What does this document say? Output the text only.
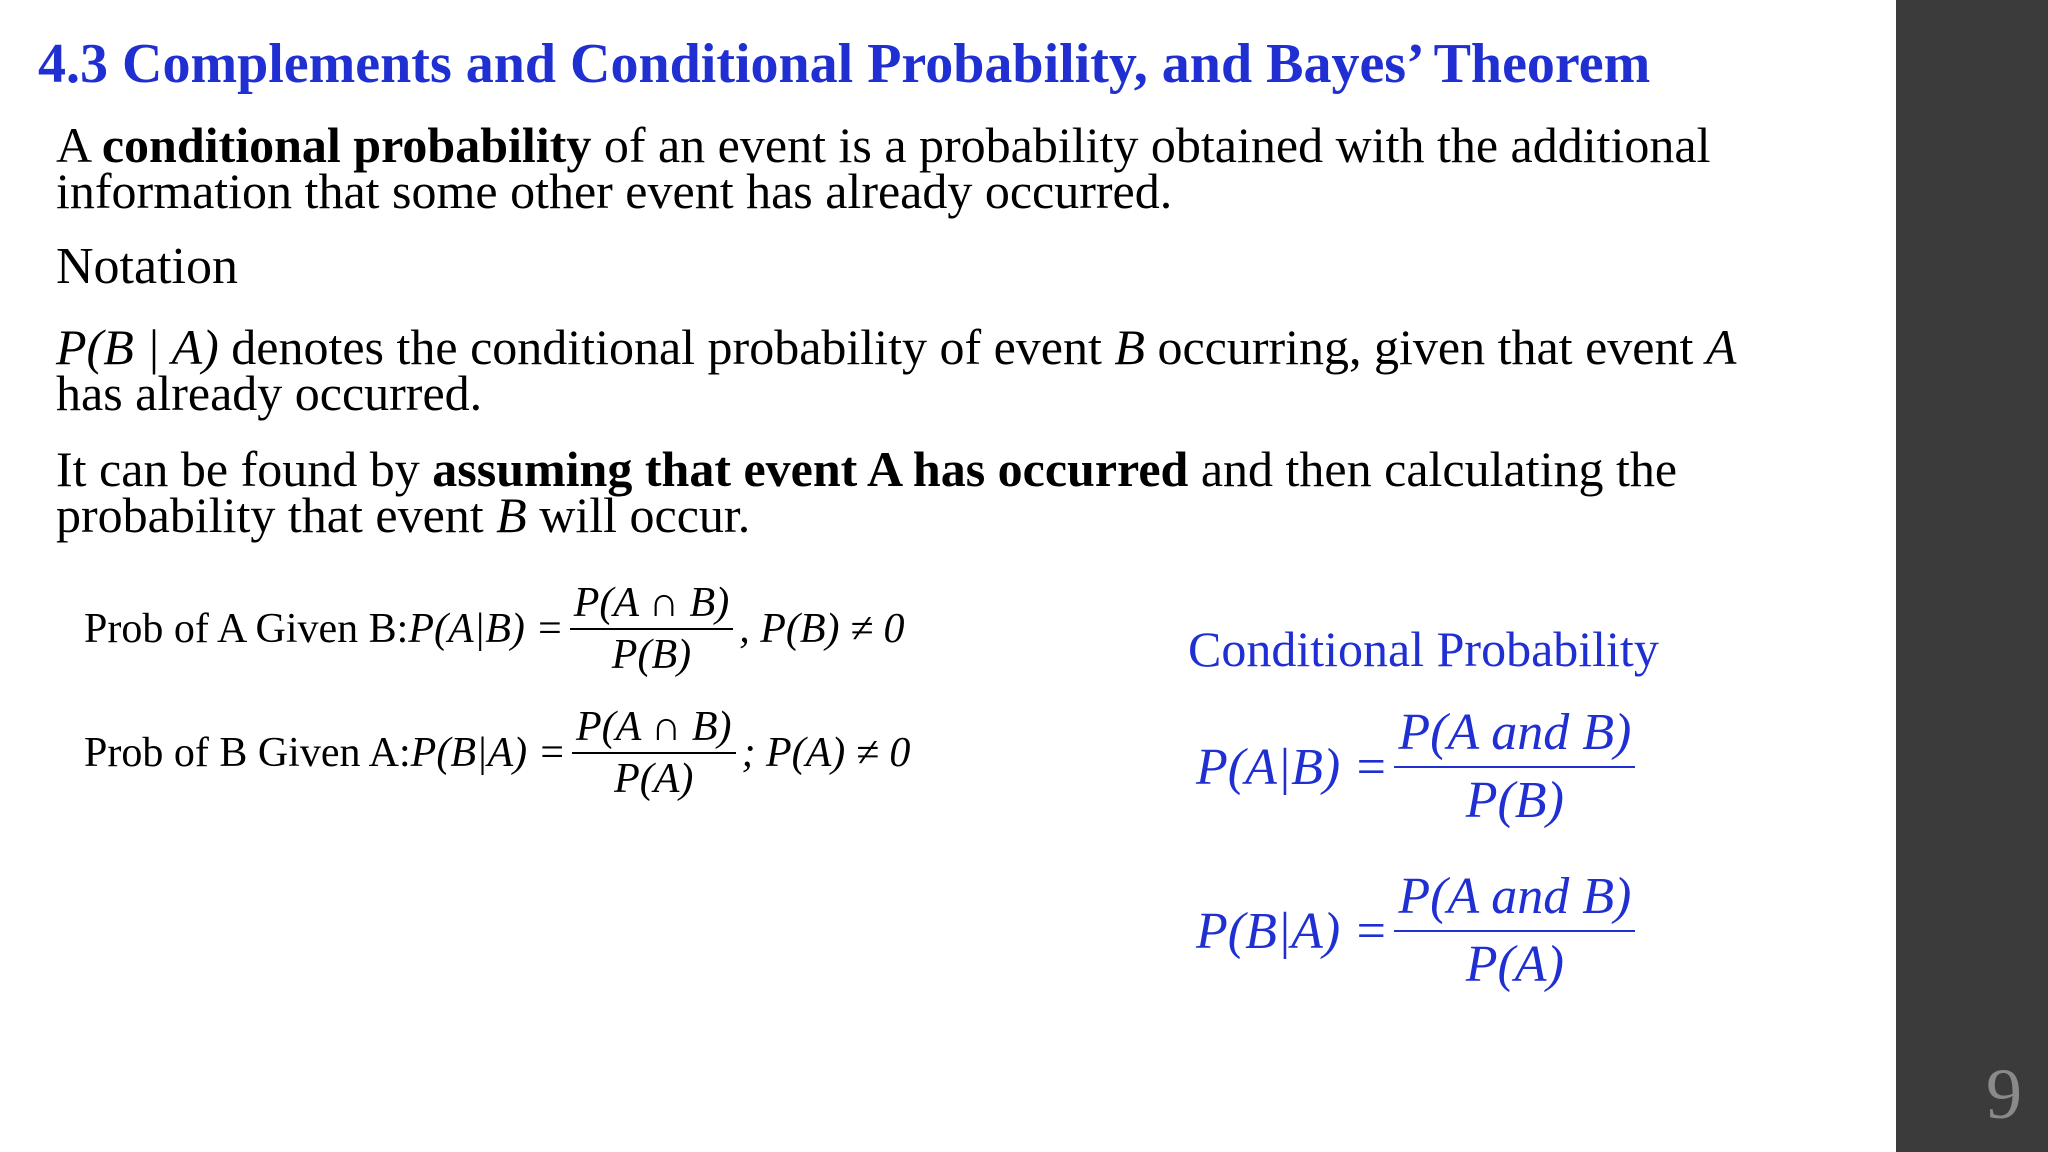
4.3 Complements and Conditional Probability, and Bayes’ Theorem
A conditional probability of an event is a probability obtained with the additional
information that some other event has already occurred.
Notation
P(B | A) denotes the conditional probability of event B occurring, given that event A
has already occurred.
It can be found by assuming that event A has occurred and then calculating the
probability that event B will occur.
Prob of A Given B: $P(A|B) = \frac{P(A \cap B)}{P(B)}$ , P(B) ≠ 0
Prob of B Given A: $P(B|A) = \frac{P(A \cap B)}{P(A)}$ ; P(A) ≠ 0
Conditional Probability
$P(A|B) = \frac{\text{P(A and B)}}{P(B)}$
$P(B|A) = \frac{\text{P(A and B)}}{P(A)}$
9
